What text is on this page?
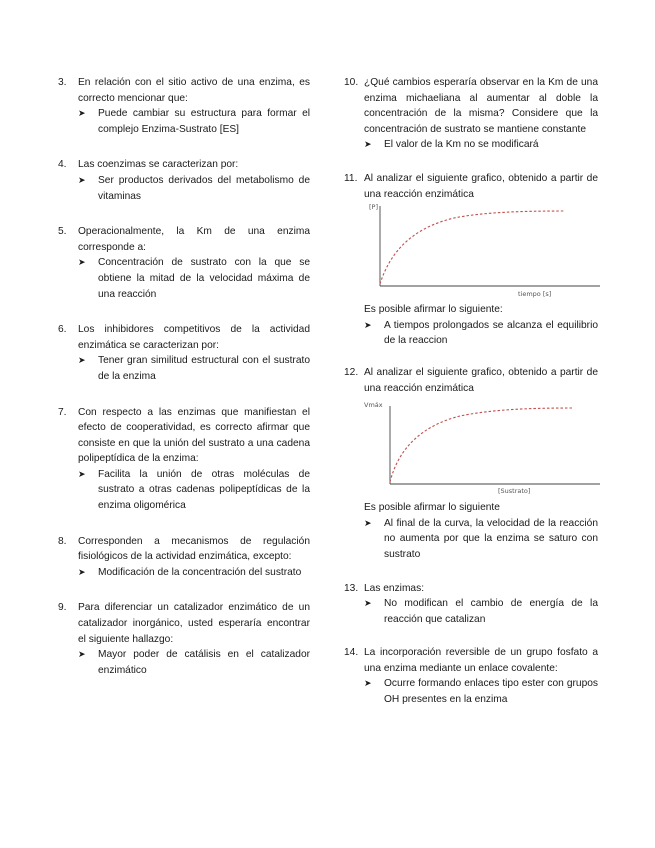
3. En relación con el sitio activo de una enzima, es correcto mencionar que:
➤ Puede cambiar su estructura para formar el complejo Enzima-Sustrato [ES]
4. Las coenzimas se caracterizan por:
➤ Ser productos derivados del metabolismo de vitaminas
5. Operacionalmente, la Km de una enzima corresponde a:
➤ Concentración de sustrato con la que se obtiene la mitad de la velocidad máxima de una reacción
6. Los inhibidores competitivos de la actividad enzimática se caracterizan por:
➤ Tener gran similitud estructural con el sustrato de la enzima
7. Con respecto a las enzimas que manifiestan el efecto de cooperatividad, es correcto afirmar que consiste en que la unión del sustrato a una cadena polipeptídica de la enzima:
➤ Facilita la unión de otras moléculas de sustrato a otras cadenas polipeptídicas de la enzima oligomérica
8. Corresponden a mecanismos de regulación fisiológicos de la actividad enzimática, excepto:
➤ Modificación de la concentración del sustrato
9. Para diferenciar un catalizador enzimático de un catalizador inorgánico, usted esperaría encontrar el siguiente hallazgo:
➤ Mayor poder de catálisis en el catalizador enzimático
10. ¿Qué cambios esperaría observar en la Km de una enzima michaeliana al aumentar al doble la concentración de la misma? Considere que la concentración de sustrato se mantiene constante
➤ El valor de la Km no se modificará
11. Al analizar el siguiente grafico, obtenido a partir de una reacción enzimática
[P]
tiempo [s]
Es posible afirmar lo siguiente:
➤ A tiempos prolongados se alcanza el equilibrio de la reaccion
12. Al analizar el siguiente grafico, obtenido a partir de una reacción enzimática
Vmáx
[Sustrato]
Es posible afirmar lo siguiente
➤ Al final de la curva, la velocidad de la reacción no aumenta por que la enzima se saturo con sustrato
13. Las enzimas:
➤ No modifican el cambio de energía de la reacción que catalizan
14. La incorporación reversible de un grupo fosfato a una enzima mediante un enlace covalente:
➤ Ocurre formando enlaces tipo ester con grupos OH presentes en la enzima
